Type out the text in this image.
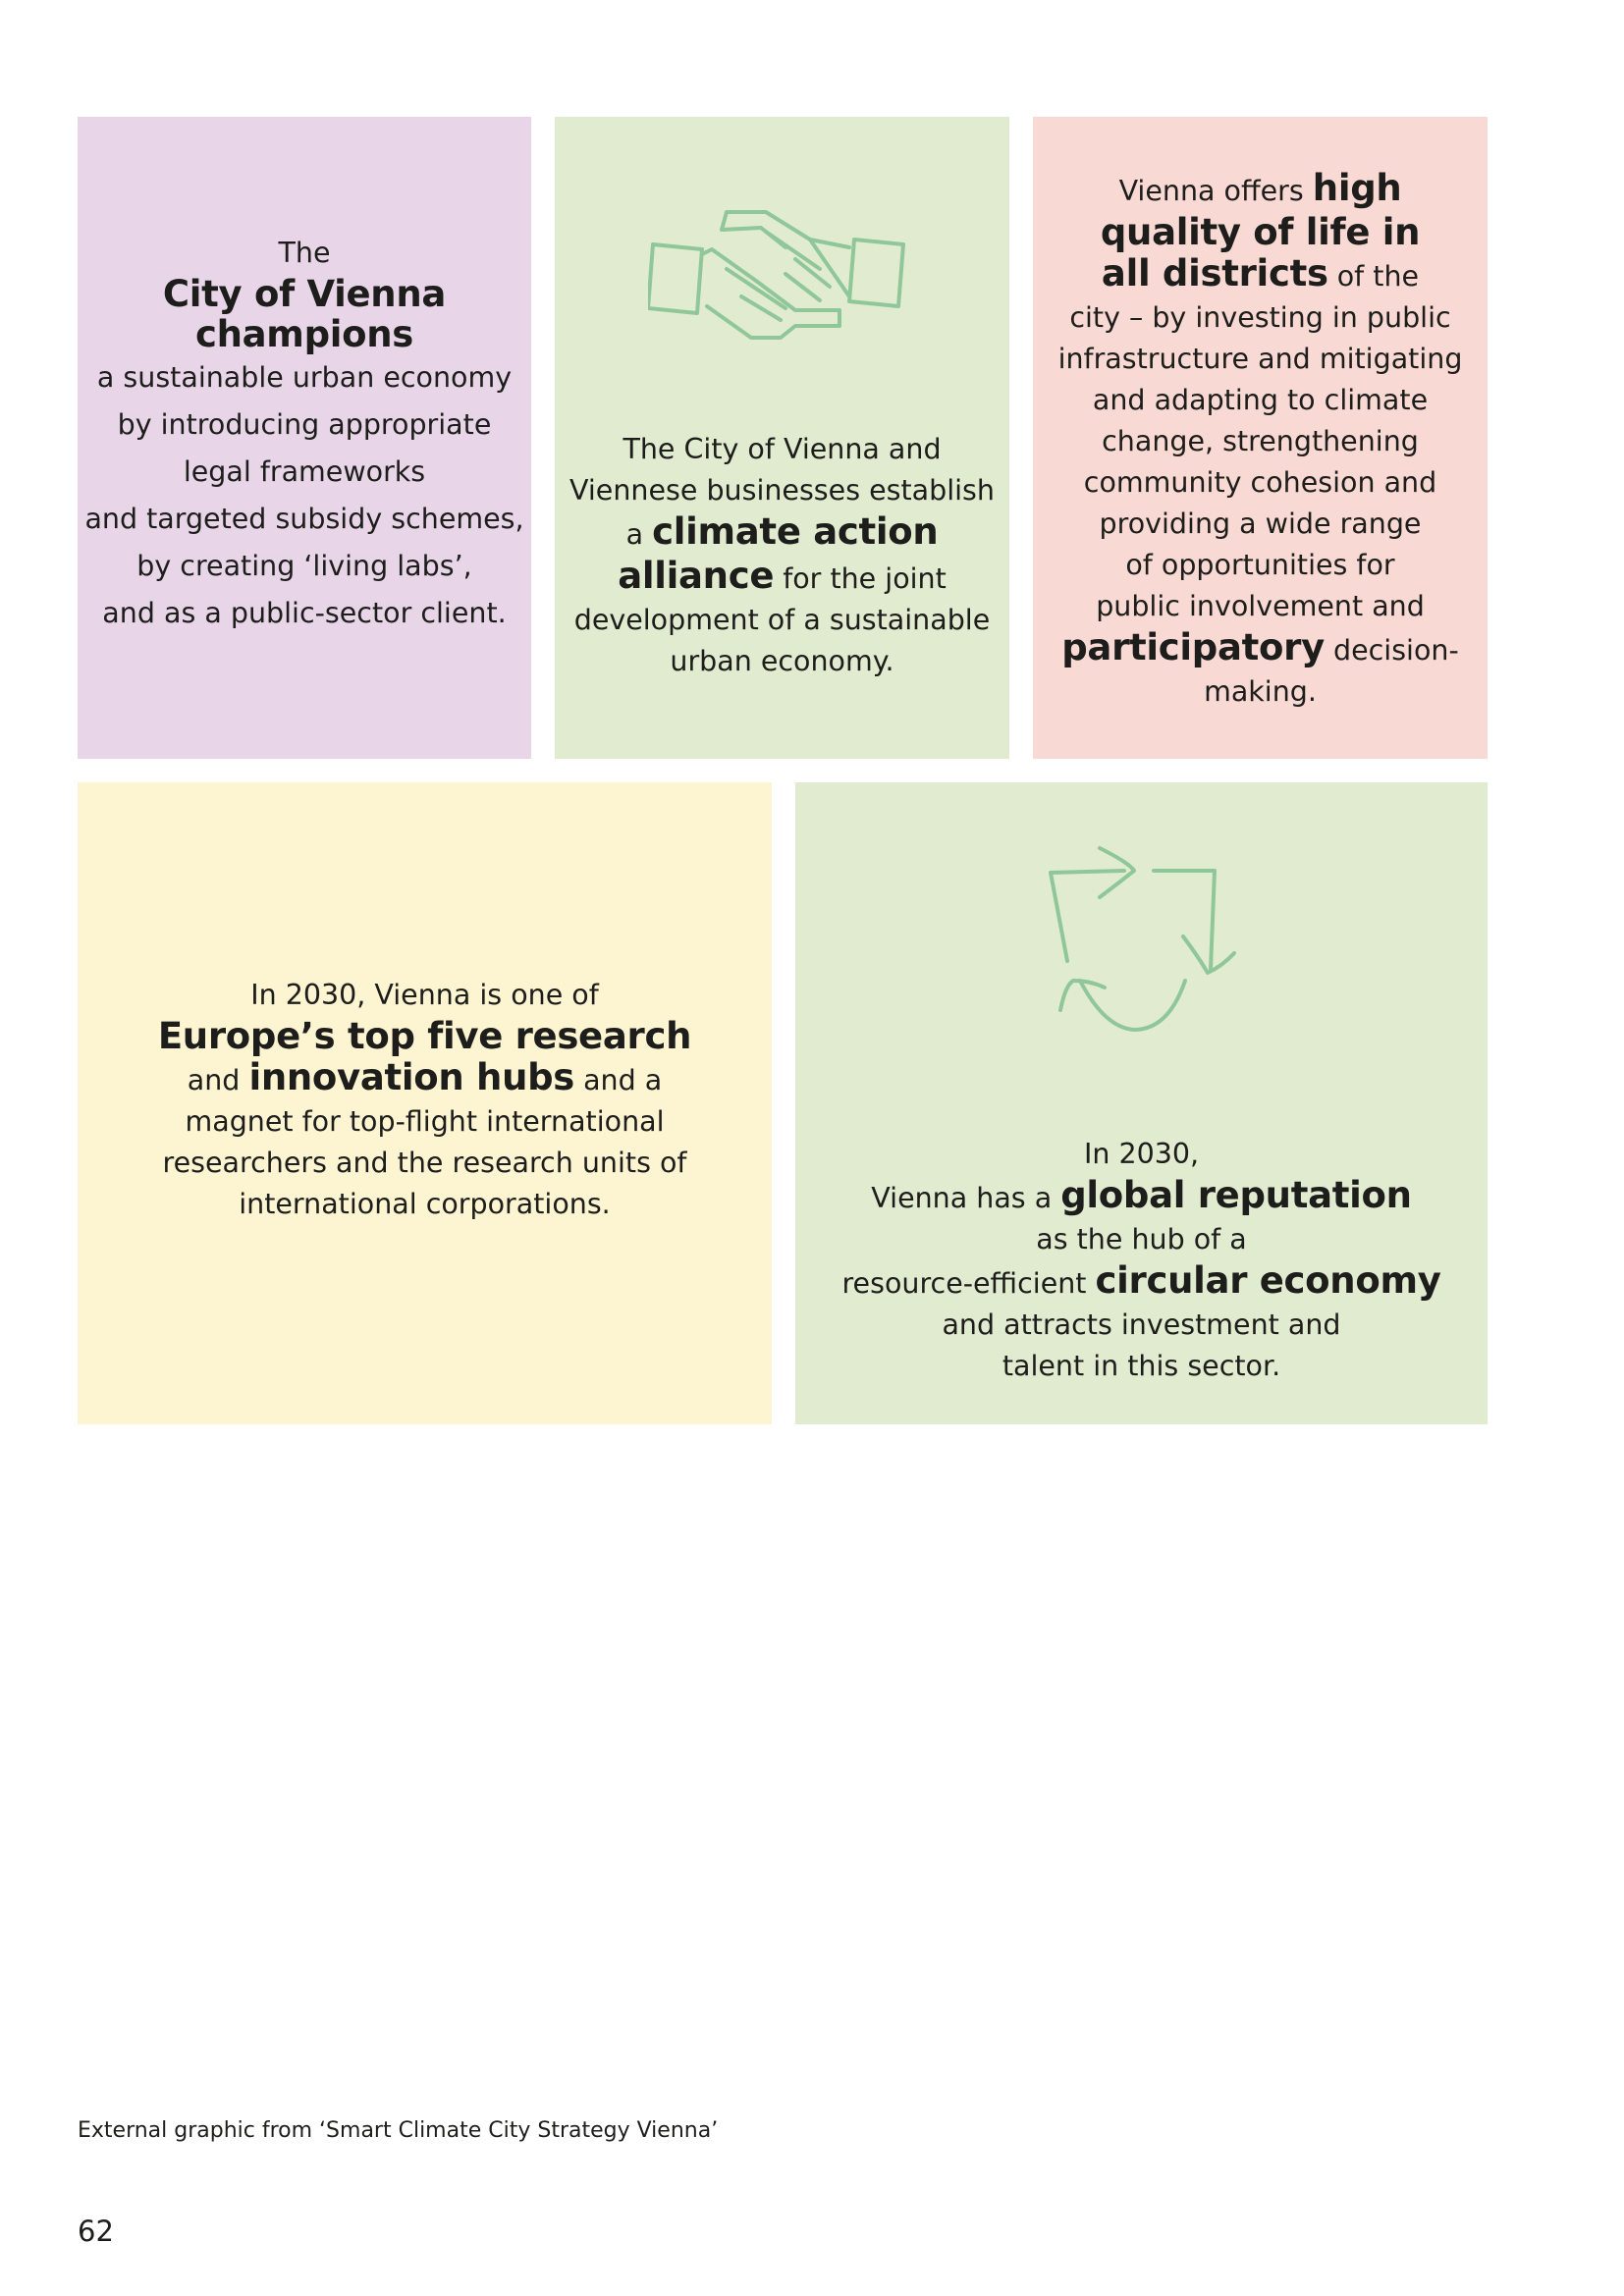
The
City of Vienna
champions
a sustainable urban economy
by introducing appropriate
legal frameworks
and targeted subsidy schemes,
by creating ‘living labs’,
and as a public-sector client.
The City of Vienna and
Viennese businesses establish
a climate action
alliance for the joint
development of a sustainable
urban economy.
Vienna offers high
quality of life in
all districts of the
city – by investing in public
infrastructure and mitigating
and adapting to climate
change, strengthening
community cohesion and
providing a wide range
of opportunities for
public involvement and
participatory decision-
making.
In 2030, Vienna is one of
Europe’s top five research
and innovation hubs and a
magnet for top-flight international
researchers and the research units of
international corporations.
In 2030,
Vienna has a global reputation
as the hub of a
resource-efficient circular economy
and attracts investment and
talent in this sector.
External graphic from ‘Smart Climate City Strategy Vienna’
62
